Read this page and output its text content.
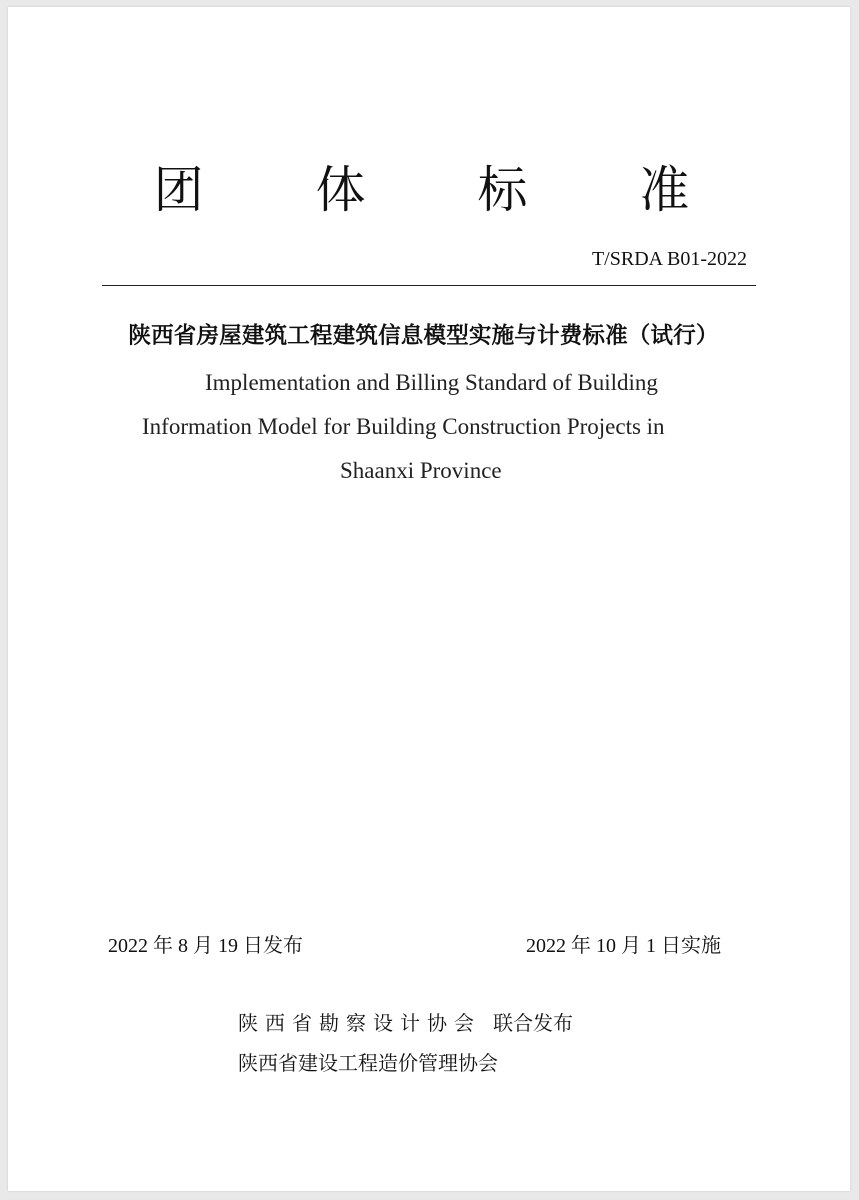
团 体 标 准
T/SRDA B01-2022
陕西省房屋建筑工程建筑信息模型实施与计费标准（试行）
Implementation and Billing Standard of Building
Information Model for Building Construction Projects in
Shaanxi Province
2022 年 8 月 19 日发布	2022 年 10 月 1 日实施
陕西省勘察设计协会 联合发布
陕西省建设工程造价管理协会
